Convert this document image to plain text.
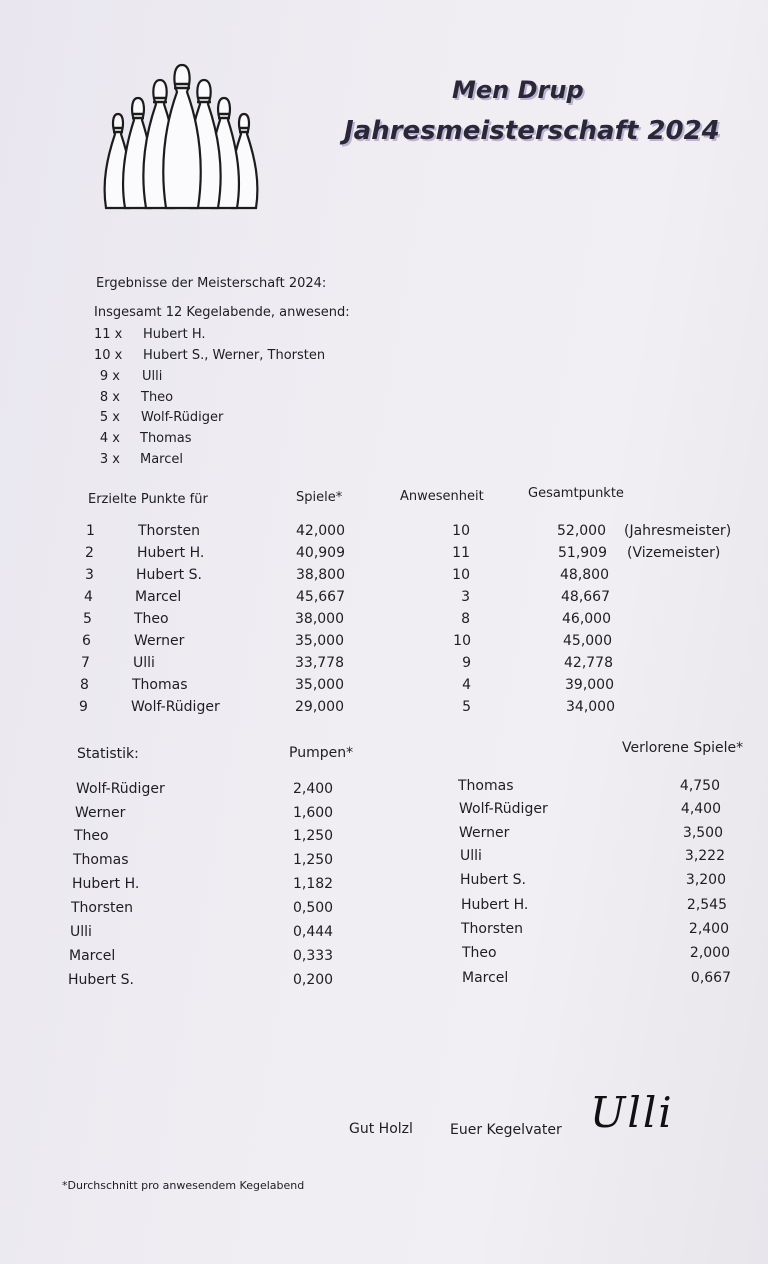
Men Drup
Jahresmeisterschaft 2024
Ergebnisse der Meisterschaft 2024:
Insgesamt 12 Kegelabende, anwesend:
11 x Hubert H.
10 x Hubert S., Werner, Thorsten
9 x Ulli
8 x Theo
5 x Wolf-Rüdiger
4 x Thomas
3 x Marcel
Erzielte Punkte für	Spiele*	Anwesenheit	Gesamtpunkte
1	Thorsten	42,000	10	52,000 (Jahresmeister)
2	Hubert H.	40,909	11	51,909 (Vizemeister)
3	Hubert S.	38,800	10	48,800
4	Marcel	45,667	3	48,667
5	Theo	38,000	8	46,000
6	Werner	35,000	10	45,000
7	Ulli	33,778	9	42,778
8	Thomas	35,000	4	39,000
9	Wolf-Rüdiger	29,000	5	34,000
Statistik:	Pumpen*	Verlorene Spiele*
Wolf-Rüdiger	2,400
Werner	1,600
Theo	1,250
Thomas	1,250
Hubert H.	1,182
Thorsten	0,500
Ulli	0,444
Marcel	0,333
Hubert S.	0,200
Thomas	4,750
Wolf-Rüdiger	4,400
Werner	3,500
Ulli	3,222
Hubert S.	3,200
Hubert H.	2,545
Thorsten	2,400
Theo	2,000
Marcel	0,667
Gut Holzl	Euer Kegelvater Ulli
*Durchschnitt pro anwesendem Kegelabend
